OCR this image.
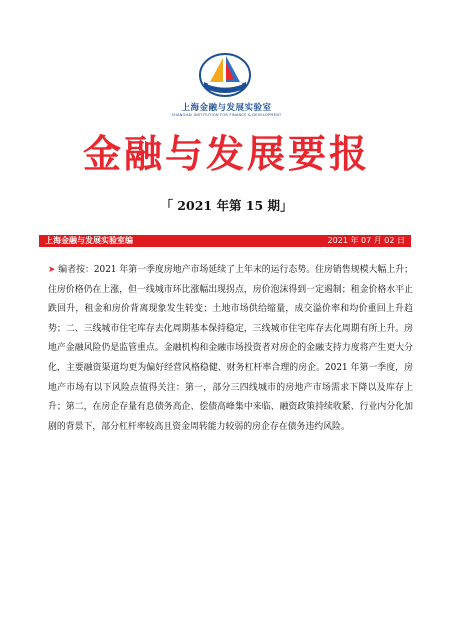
上海金融与发展实验室
SHANGHAI INSTITUTION FOR FINANCE & DEVELOPMENT
金融与发展要报
「 2021 年第 15 期」
上海金融与发展实验室编	2021 年 07 月 02 日

➤ 编者按：2021 年第一季度房地产市场延续了上年末的运行态势。住房销售规模大幅上升；住房价格仍在上涨，但一线城市环比涨幅出现拐点，房价泡沫得到一定遏制；租金价格水平止跌回升，租金和房价背离现象发生转变；土地市场供给缩量，成交溢价率和均价重回上升趋势；二、三线城市住宅库存去化周期基本保持稳定，三线城市住宅库存去化周期有所上升。房地产金融风险仍是监管重点。金融机构和金融市场投资者对房企的金融支持力度将产生更大分化，主要融资渠道均更为偏好经营风格稳健、财务杠杆率合理的房企。2021 年第一季度，房地产市场有以下风险点值得关注：第一，部分三四线城市的房地产市场需求下降以及库存上升；第二，在房企存量有息债务高企、偿债高峰集中来临、融资政策持续收紧、行业内分化加剧的背景下，部分杠杆率较高且资金周转能力较弱的房企存在债务违约风险。
